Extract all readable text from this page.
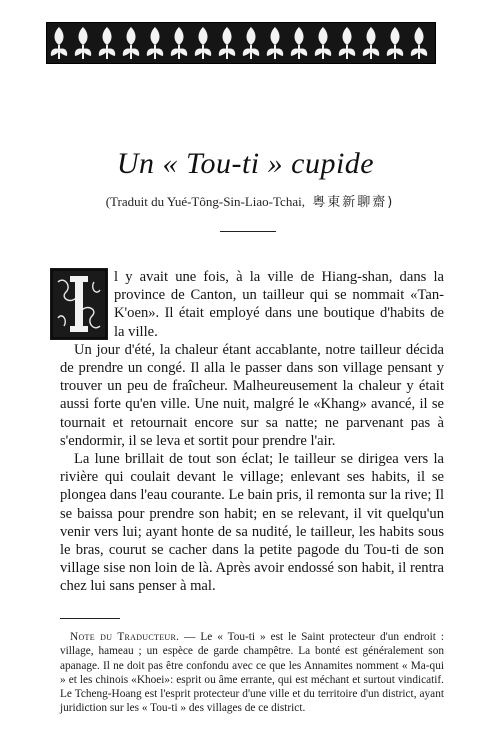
Un « Tou-ti » cupide
(Traduit du Yué-Tông-Sin-Liao-Tchai, 粵東新聊齋)

l y avait une fois, à la ville de Hiang-shan, dans la province de Canton, un tailleur qui se nommait «Tan-K'oen». Il était employé dans une boutique d'habits de la ville.

Un jour d'été, la chaleur étant accablante, notre tailleur décida de prendre un congé. Il alla le passer dans son village pensant y trouver un peu de fraîcheur. Malheureusement la chaleur y était aussi forte qu'en ville. Une nuit, malgré le «Khang» avancé, il se tournait et retournait encore sur sa natte; ne parvenant pas à s'endormir, il se leva et sortit pour prendre l'air.

La lune brillait de tout son éclat; le tailleur se dirigea vers la rivière qui coulait devant le village; enlevant ses habits, il se plongea dans l'eau courante. Le bain pris, il remonta sur la rive; Il se baissa pour prendre son habit; en se relevant, il vit quelqu'un venir vers lui; ayant honte de sa nudité, le tailleur, les habits sous le bras, courut se cacher dans la petite pagode du Tou-ti de son village sise non loin de là. Après avoir endossé son habit, il rentra chez lui sans penser à mal.

Note du Traducteur. — Le « Tou-ti » est le Saint protecteur d'un endroit : village, hameau ; un espèce de garde champêtre. La bonté est généralement son apanage. Il ne doit pas être confondu avec ce que les Annamites nomment « Ma-qui » et les chinois «Khoei»: esprit ou âme errante, qui est méchant et surtout vindicatif. Le Tcheng-Hoang est l'esprit protecteur d'une ville et du territoire d'un district, ayant juridiction sur les « Tou-ti » des villages de ce district.
